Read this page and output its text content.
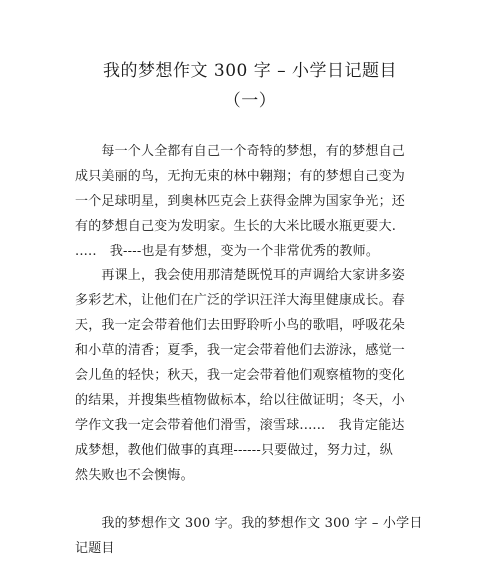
我的梦想作文 300 字 – 小学日记题目
（一）
　　每一个人全都有自己一个奇特的梦想，有的梦想自己
成只美丽的鸟，无拘无束的林中翱翔；有的梦想自己变为
一个足球明星，到奥林匹克会上获得金牌为国家争光；还
有的梦想自己变为发明家。生长的大米比暖水瓶更要大.
.....　我----也是有梦想，变为一个非常优秀的教师。
　　再课上，我会使用那清楚既悦耳的声调给大家讲多姿
多彩艺术，让他们在广泛的学识汪洋大海里健康成长。春
天，我一定会带着他们去田野聆听小鸟的歌唱，呼吸花朵
和小草的清香；夏季，我一定会带着他们去游泳，感觉一
会儿鱼的轻快；秋天，我一定会带着他们观察植物的变化
的结果，并搜集些植物做标本，给以往做证明；冬天，小
学作文我一定会带着他们滑雪，滚雪球......　我肯定能达
成梦想，教他们做事的真理------只要做过，努力过，纵
然失败也不会懊悔。
　　我的梦想作文 300 字。我的梦想作文 300 字 – 小学日
记题目
